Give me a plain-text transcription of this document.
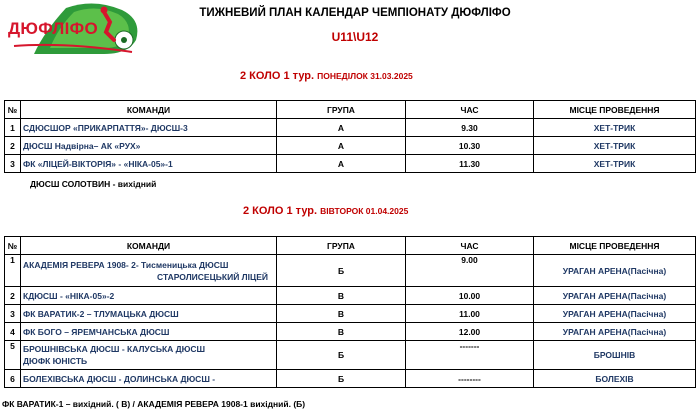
ДЮФЛІФО
ТИЖНЕВИЙ ПЛАН КАЛЕНДАР ЧЕМПІОНАТУ ДЮФЛІФО
U11\U12
2 КОЛО 1 тур. ПОНЕДІЛОК 31.03.2025
№	КОМАНДИ	ГРУПА	ЧАС	МІСЦЕ ПРОВЕДЕННЯ
1	СДЮСШОР «ПРИКАРПАТТЯ»- ДЮСШ-3	А	9.30	ХЕТ-ТРИК
2	ДЮСШ Надвірна– АК «РУХ»	А	10.30	ХЕТ-ТРИК
3	ФК «ЛІЦЕЙ-ВІКТОРІЯ» - «НІКА-05»-1	А	11.30	ХЕТ-ТРИК
ДЮСШ СОЛОТВИН - вихідний
2 КОЛО 1 тур. ВІВТОРОК 01.04.2025
№	КОМАНДИ	ГРУПА	ЧАС	МІСЦЕ ПРОВЕДЕННЯ
1	АКАДЕМІЯ РЕВЕРА 1908- 2- Тисменицька ДЮСШ
СТАРОЛИСЕЦЬКИЙ ЛІЦЕЙ	Б	9.00	УРАГАН АРЕНА(Пасічна)
2	КДЮСШ - «НІКА-05»-2	В	10.00	УРАГАН АРЕНА(Пасічна)
3	ФК ВАРАТИК-2 – ТЛУМАЦЬКА ДЮСШ	В	11.00	УРАГАН АРЕНА(Пасічна)
4	ФК БОГО – ЯРЕМЧАНСЬКА ДЮСШ	В	12.00	УРАГАН АРЕНА(Пасічна)
5	БРОШНІВСЬКА ДЮСШ - КАЛУСЬКА ДЮСШ
ДЮФК ЮНІСТЬ	Б	-------	БРОШНІВ
6	БОЛЕХІВСЬКА ДЮСШ - ДОЛИНСЬКА ДЮСШ -	Б	--------	БОЛЕХІВ
ФК ВАРАТИК-1 – вихідний. ( В) / АКАДЕМІЯ РЕВЕРА 1908-1 вихідний. (Б)
